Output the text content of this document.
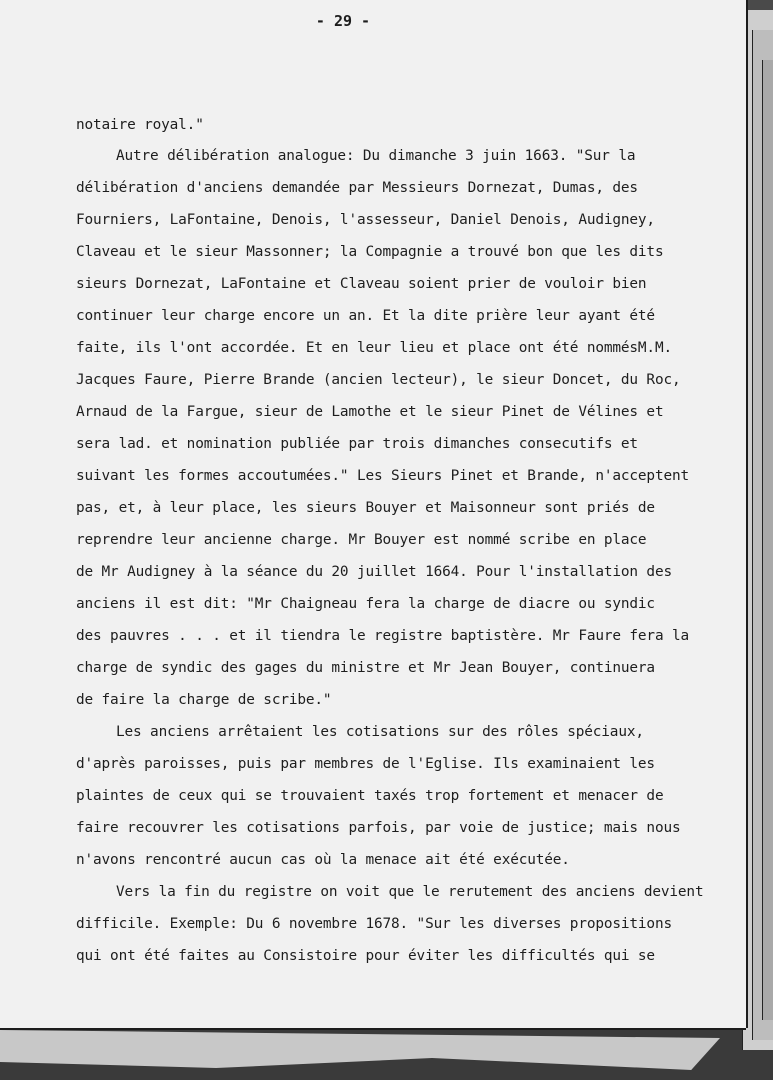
- 29 -
notaire royal."
Autre délibération analogue: Du dimanche 3 juin 1663. "Sur la
délibération d'anciens demandée par Messieurs Dornezat, Dumas, des
Fourniers, LaFontaine, Denois, l'assesseur, Daniel Denois, Audigney,
Claveau et le sieur Massonner; la Compagnie a trouvé bon que les dits
sieurs Dornezat, LaFontaine et Claveau soient prier de vouloir bien
continuer leur charge encore un an. Et la dite prière leur ayant été
faite, ils l'ont accordée. Et en leur lieu et place ont été nommésM.M.
Jacques Faure, Pierre Brande (ancien lecteur), le sieur Doncet, du Roc,
Arnaud de la Fargue, sieur de Lamothe et le sieur Pinet de Vélines et
sera lad. et nomination publiée par trois dimanches consecutifs et
suivant les formes accoutumées." Les Sieurs Pinet et Brande, n'acceptent
pas, et, à leur place, les sieurs Bouyer et Maisonneur sont priés de
reprendre leur ancienne charge. Mr Bouyer est nommé scribe en place
de Mr Audigney à la séance du 20 juillet 1664. Pour l'installation des
anciens il est dit: "Mr Chaigneau fera la charge de diacre ou syndic
des pauvres . . . et il tiendra le registre baptistère. Mr Faure fera la
charge de syndic des gages du ministre et Mr Jean Bouyer, continuera
de faire la charge de scribe."
Les anciens arrêtaient les cotisations sur des rôles spéciaux,
d'après paroisses, puis par membres de l'Eglise. Ils examinaient les
plaintes de ceux qui se trouvaient taxés trop fortement et menacer de
faire recouvrer les cotisations parfois, par voie de justice; mais nous
n'avons rencontré aucun cas où la menace ait été exécutée.
Vers la fin du registre on voit que le rerutement des anciens devient
difficile. Exemple: Du 6 novembre 1678. "Sur les diverses propositions
qui ont été faites au Consistoire pour éviter les difficultés qui se
